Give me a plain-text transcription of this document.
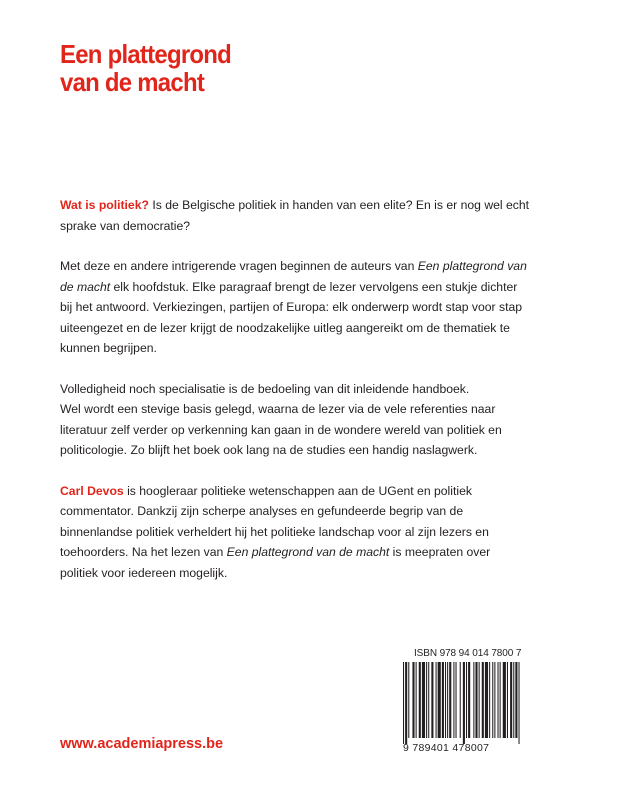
Een plattegrond
van de macht

Wat is politiek? Is de Belgische politiek in handen van een elite? En is er nog wel echt sprake van democratie?

Met deze en andere intrigerende vragen beginnen de auteurs van Een plattegrond van de macht elk hoofdstuk. Elke paragraaf brengt de lezer vervolgens een stukje dichter bij het antwoord. Verkiezingen, partijen of Europa: elk onderwerp wordt stap voor stap uiteengezet en de lezer krijgt de noodzakelijke uitleg aangereikt om de thematiek te kunnen begrijpen.

Volledigheid noch specialisatie is de bedoeling van dit inleidende handboek.
Wel wordt een stevige basis gelegd, waarna de lezer via de vele referenties naar literatuur zelf verder op verkenning kan gaan in de wondere wereld van politiek en politicologie. Zo blijft het boek ook lang na de studies een handig naslagwerk.

Carl Devos is hoogleraar politieke wetenschappen aan de UGent en politiek commentator. Dankzij zijn scherpe analyses en gefundeerde begrip van de binnenlandse politiek verheldert hij het politieke landschap voor al zijn lezers en toehoorders. Na het lezen van Een plattegrond van de macht is meepraten over politiek voor iedereen mogelijk.

ISBN 978 94 014 7800 7
9 789401 478007
www.academiapress.be
